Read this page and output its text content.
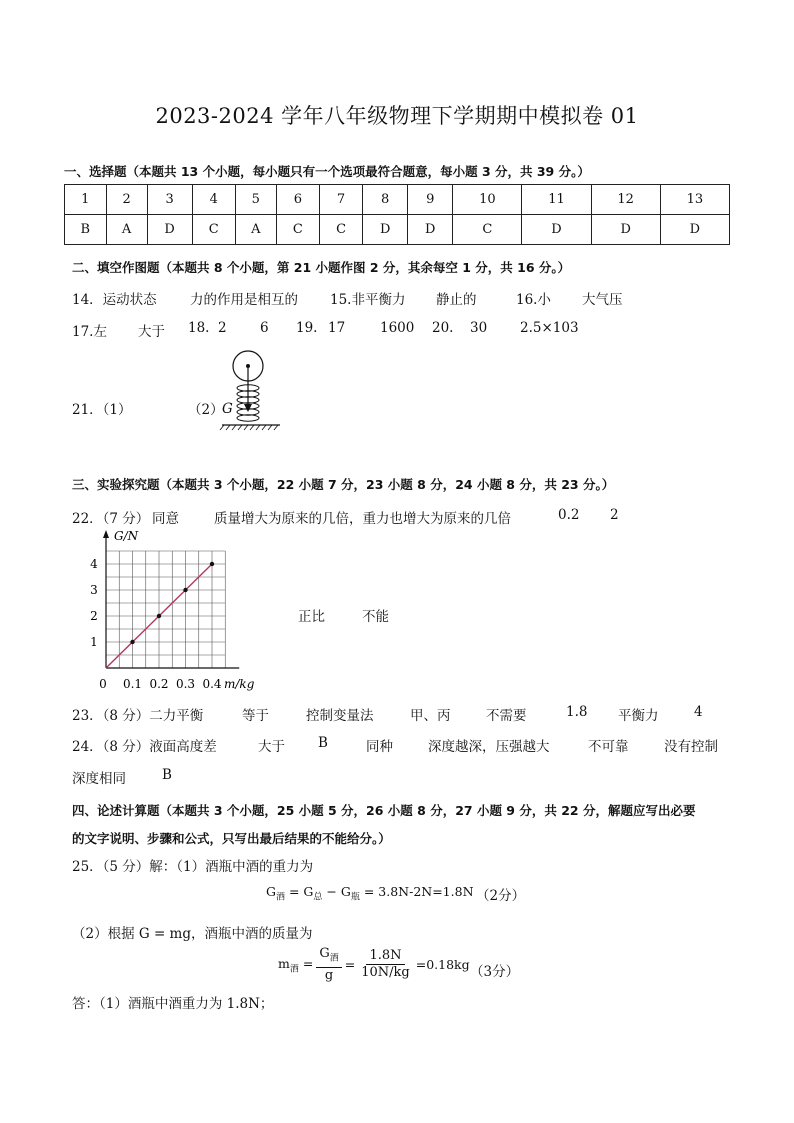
2023-2024 学年八年级物理下学期期中模拟卷 01
一、选择题（本题共 13 个小题，每小题只有一个选项最符合题意，每小题 3 分，共 39 分。）
1	2	3	4	5	6	7	8	9	10	11	12	13
B	A	D	C	A	C	C	D	D	C	D	D	D
二、填空作图题（本题共 8 个小题，第 21 小题作图 2 分，其余每空 1 分，共 16 分。）
14．运动状态 力的作用是相互的 15.非平衡力 静止的	16.小 大气压
17.左 大于 18. 2 6 19. 17	1600 20. 30 2.5×103
21．（1）	（2）
G
三、实验探究题（本题共 3 个小题，22 小题 7 分，23 小题 8 分，24 小题 8 分，共 23 分。）
22．（7 分） 同意	质量增大为原来的几倍，重力也增大为原来的几倍	0.2 2
G/N
m/kg
1
2
3
4
0 0.1 0.2 0.3 0.4
正比	不能
23．（8 分）二力平衡	等于	控制变量法	甲、丙	不需要	1.8 平衡力	4
24．（8 分）液面高度差	大于 B	同种	深度越深，压强越大	不可靠	没有控制
深度相同	B
四、论述计算题（本题共 3 个小题，25 小题 5 分，26 小题 8 分，27 小题 9 分，共 22 分，解题应写出必要
的文字说明、步骤和公式，只写出最后结果的不能给分。）
25．（5 分）解：（1）酒瓶中酒的重力为
$G_酒 = G_总 - G_瓶 = 3.8N-2N=1.8N$ （2分）
（2）根据 G = mg，酒瓶中酒的质量为
$m_酒 = \frac{G_酒}{g} = \frac{1.8N}{10N/kg} =0.18kg$ （3分）
答：（1）酒瓶中酒重力为 1.8N；
